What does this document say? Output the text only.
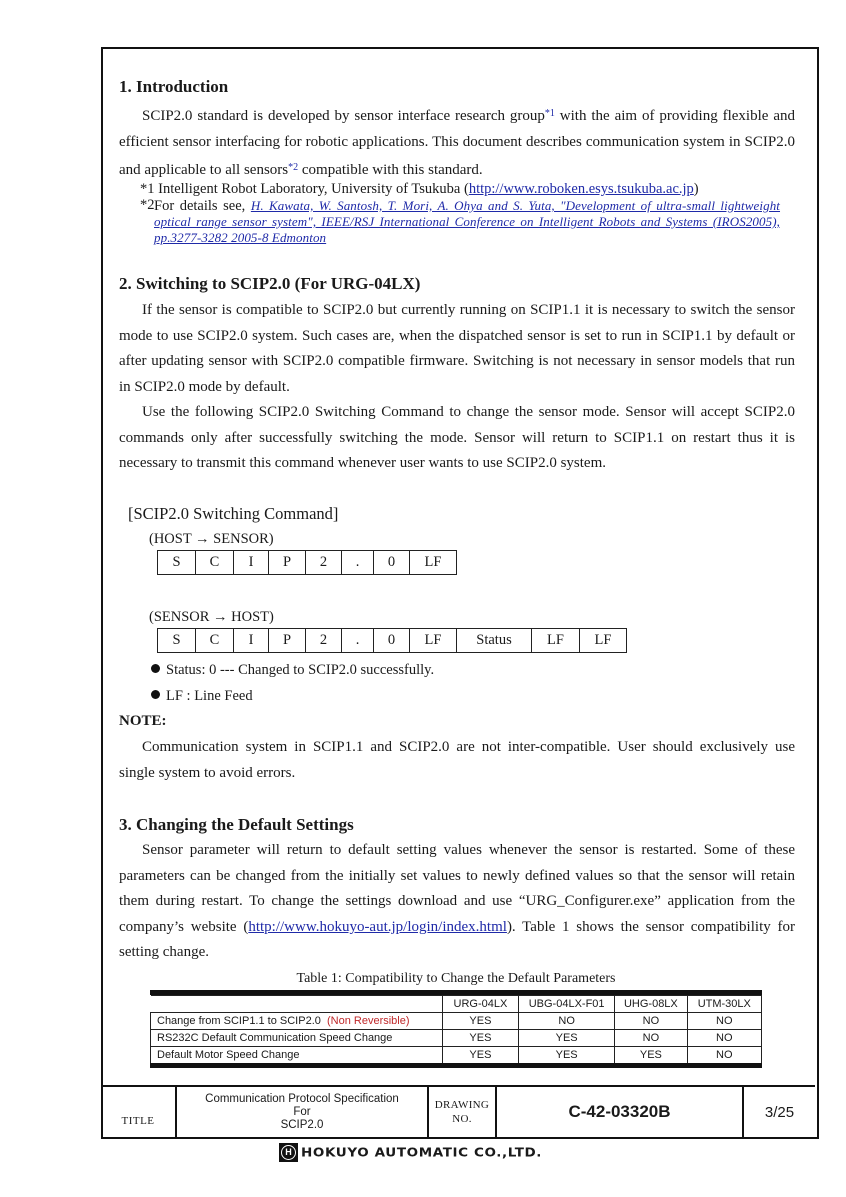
1. Introduction
SCIP2.0 standard is developed by sensor interface research group$^{*1}$ with the aim of providing flexible and efficient sensor interfacing for robotic applications. This document describes communication system in SCIP2.0 and applicable to all sensors$^{*2}$ compatible with this standard.
*1 Intelligent Robot Laboratory, University of Tsukuba (http://www.roboken.esys.tsukuba.ac.jp)
*2 For details see, H. Kawata, W. Santosh, T. Mori, A. Ohya and S. Yuta, "Development of ultra-small lightweight optical range sensor system", IEEE/RSJ International Conference on Intelligent Robots and Systems (IROS2005), pp.3277-3282 2005-8 Edmonton
2. Switching to SCIP2.0 (For URG-04LX)
If the sensor is compatible to SCIP2.0 but currently running on SCIP1.1 it is necessary to switch the sensor mode to use SCIP2.0 system. Such cases are, when the dispatched sensor is set to run in SCIP1.1 by default or after updating sensor with SCIP2.0 compatible firmware. Switching is not necessary in sensor models that run in SCIP2.0 mode by default.
Use the following SCIP2.0 Switching Command to change the sensor mode. Sensor will accept SCIP2.0 commands only after successfully switching the mode. Sensor will return to SCIP1.1 on restart thus it is necessary to transmit this command whenever user wants to use SCIP2.0 system.
[SCIP2.0 Switching Command]
(HOST → SENSOR)
S	C	I	P	2	.	0	LF
(SENSOR → HOST)
S	C	I	P	2	.	0	LF	Status	LF	LF
Status: 0 --- Changed to SCIP2.0 successfully.
LF : Line Feed
NOTE:
Communication system in SCIP1.1 and SCIP2.0 are not inter-compatible. User should exclusively use single system to avoid errors.
3. Changing the Default Settings
Sensor parameter will return to default setting values whenever the sensor is restarted. Some of these parameters can be changed from the initially set values to newly defined values so that the sensor will retain them during restart. To change the settings download and use “URG_Configurer.exe” application from the company’s website (http://www.hokuyo-aut.jp/login/index.html). Table 1 shows the sensor compatibility for setting change.
Table 1: Compatibility to Change the Default Parameters
	URG-04LX	UBG-04LX-F01	UHG-08LX	UTM-30LX
Change from SCIP1.1 to SCIP2.0 (Non Reversible)	YES	NO	NO	NO
RS232C Default Communication Speed Change	YES	YES	NO	NO
Default Motor Speed Change	YES	YES	YES	NO
TITLE
Communication Protocol Specification
For
SCIP2.0
DRAWING
NO.	C-42-03320B	3/25
H HOKUYO AUTOMATIC CO.,LTD.
